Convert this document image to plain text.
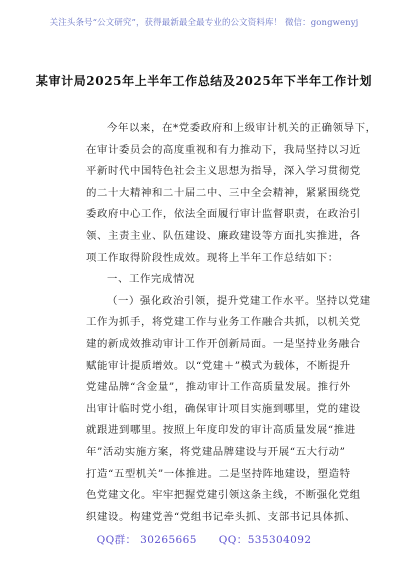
关注头条号“公文研究”，获得最新最全最专业的公文资料库！ 微信：gongwenyj
某审计局2025年上半年工作总结及2025年下半年工作计划
今年以来，在*党委政府和上级审计机关的正确领导下，
在审计委员会的高度重视和有力推动下，我局坚持以习近
平新时代中国特色社会主义思想为指导，深入学习贯彻党
的二十大精神和二十届二中、三中全会精神，紧紧围绕党
委政府中心工作，依法全面履行审计监督职责，在政治引
领、主责主业、队伍建设、廉政建设等方面扎实推进，各
项工作取得阶段性成效。现将上半年工作总结如下：
一、工作完成情况
（一）强化政治引领，提升党建工作水平。坚持以党建
工作为抓手，将党建工作与业务工作融合共抓，以机关党
建的新成效推动审计工作开创新局面。一是坚持业务融合
赋能审计提质增效。以“党建＋”模式为载体，不断提升
党建品牌“含金量”，推动审计工作高质量发展。推行外
出审计临时党小组，确保审计项目实施到哪里，党的建设
就跟进到哪里。按照上年度印发的审计高质量发展“推进
年”活动实施方案，将党建品牌建设与开展“五大行动”
打造“五型机关”一体推进。二是坚持阵地建设，塑造特
色党建文化。牢牢把握党建引领这条主线，不断强化党组
织建设。构建党善“党组书记牵头抓、支部书记具体抓、
QQ群： 30265665 QQ：535304092
